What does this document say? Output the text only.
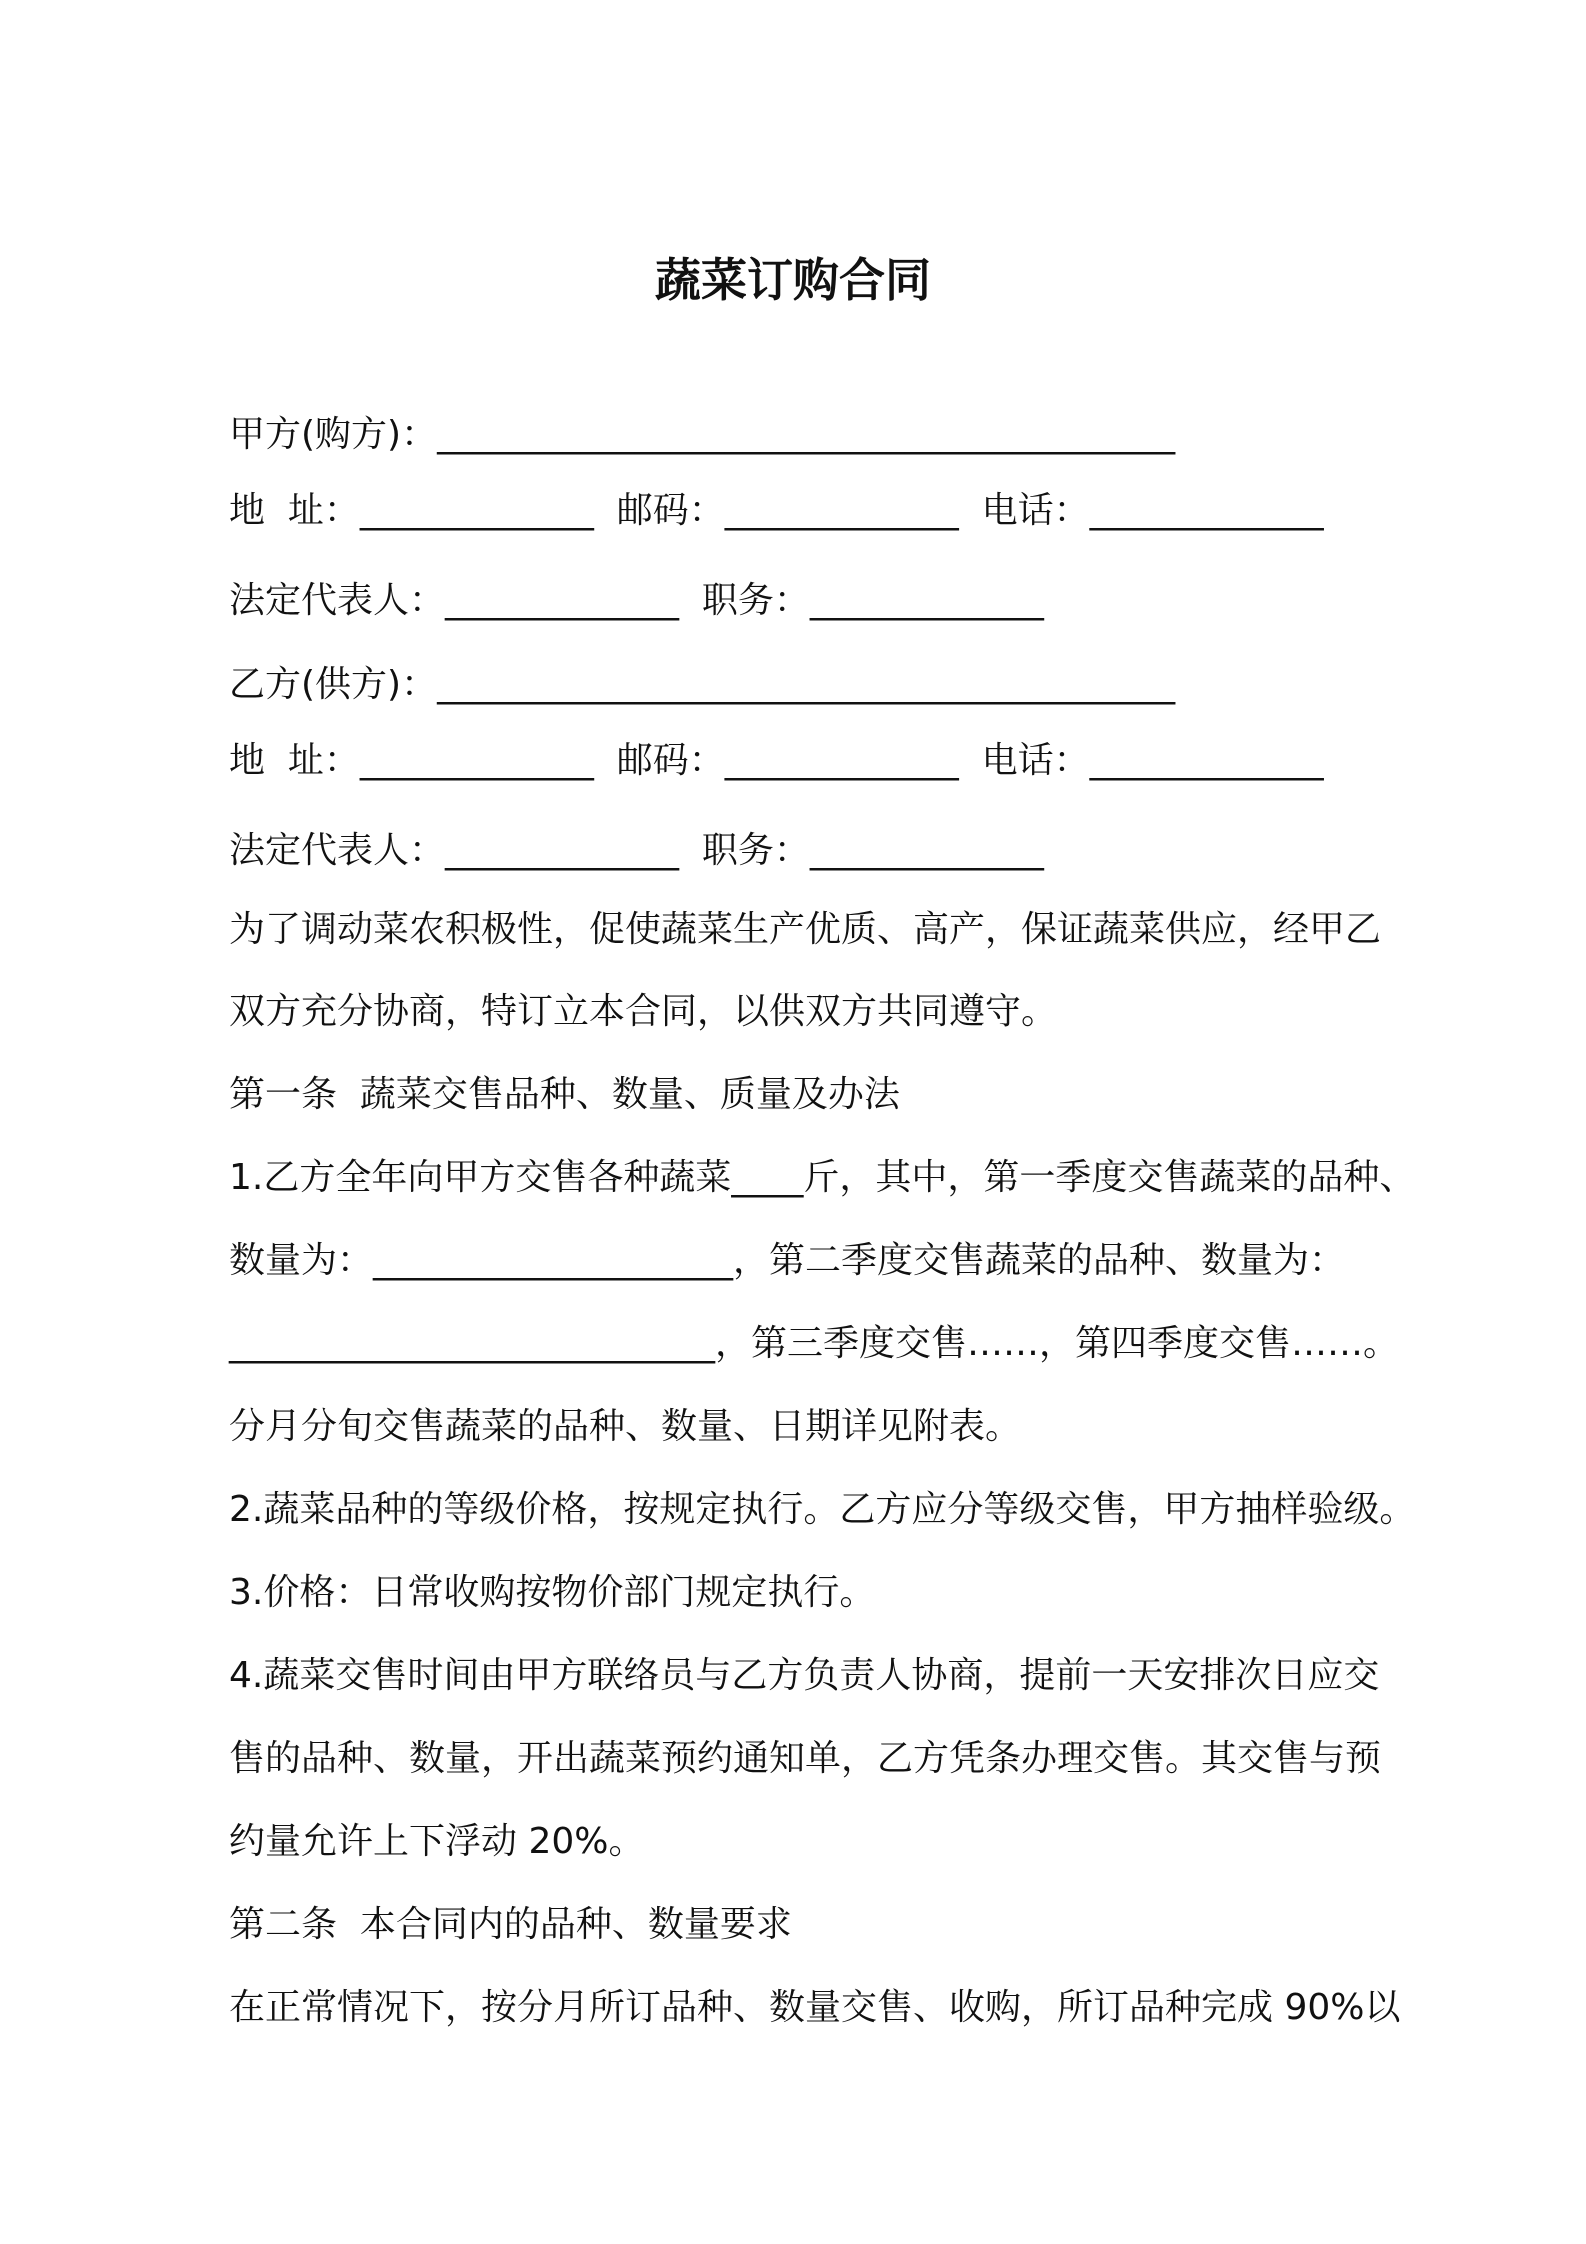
蔬菜订购合同
甲方(购方)：_________________________________________
地  址：_____________  邮码：_____________  电话：_____________
法定代表人：_____________  职务：_____________
乙方(供方)：_________________________________________
地  址：_____________  邮码：_____________  电话：_____________
法定代表人：_____________  职务：_____________
为了调动菜农积极性，促使蔬菜生产优质、高产，保证蔬菜供应，经甲乙
双方充分协商，特订立本合同，以供双方共同遵守。
第一条  蔬菜交售品种、数量、质量及办法
1.乙方全年向甲方交售各种蔬菜____斤，其中，第一季度交售蔬菜的品种、
数量为：____________________，第二季度交售蔬菜的品种、数量为：
___________________________，第三季度交售……，第四季度交售……。
分月分旬交售蔬菜的品种、数量、日期详见附表。
2.蔬菜品种的等级价格，按规定执行。乙方应分等级交售，甲方抽样验级。
3.价格：日常收购按物价部门规定执行。
4.蔬菜交售时间由甲方联络员与乙方负责人协商，提前一天安排次日应交
售的品种、数量，开出蔬菜预约通知单，乙方凭条办理交售。其交售与预
约量允许上下浮动 20%。
第二条  本合同内的品种、数量要求
在正常情况下，按分月所订品种、数量交售、收购，所订品种完成 90%以
